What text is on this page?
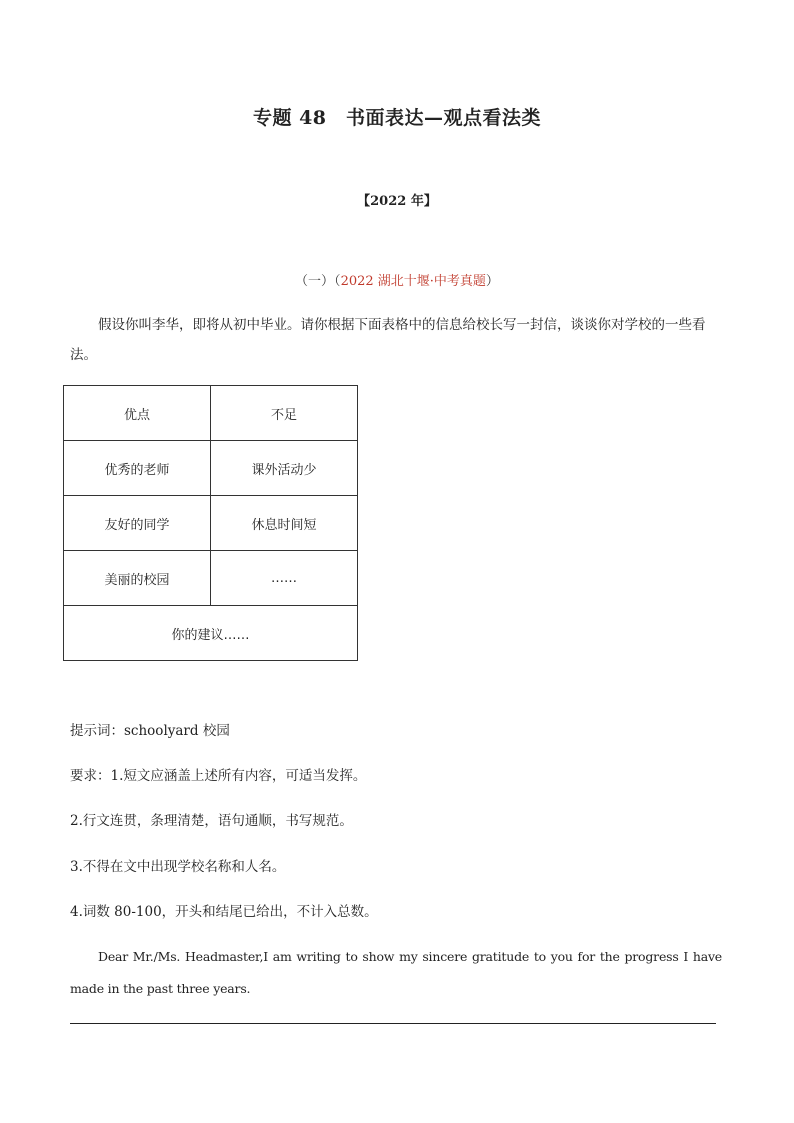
专题 48　书面表达—观点看法类
【2022 年】
（一）（2022 湖北十堰·中考真题）
假设你叫李华，即将从初中毕业。请你根据下面表格中的信息给校长写一封信，谈谈你对学校的一些看法。
优点	不足
优秀的老师	课外活动少
友好的同学	休息时间短
美丽的校园	……
你的建议……	
提示词：schoolyard 校园
要求：1.短文应涵盖上述所有内容，可适当发挥。
2.行文连贯，条理清楚，语句通顺，书写规范。
3.不得在文中出现学校名称和人名。
4.词数 80-100，开头和结尾已给出，不计入总数。
Dear Mr./Ms. Headmaster,I am writing to show my sincere gratitude to you for the progress I have made in the past three years.
